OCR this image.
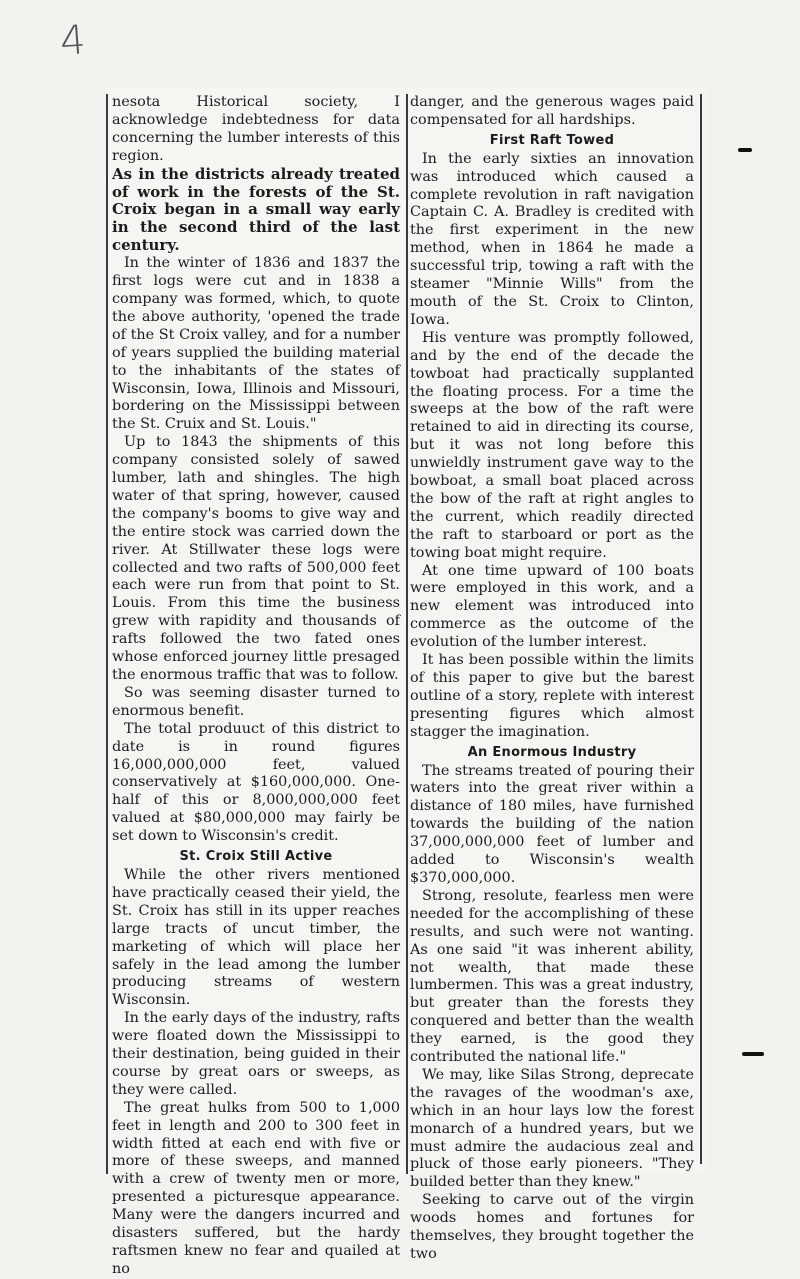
4

nesota Historical society, I acknowledge indebtedness for data concerning the lumber interests of this region.

As in the districts already treated of work in the forests of the St. Croix began in a small way early in the second third of the last century.

In the winter of 1836 and 1837 the first logs were cut and in 1838 a company was formed, which, to quote the above authority, 'opened the trade of the St Croix valley, and for a number of years supplied the building material to the inhabitants of the states of Wisconsin, Iowa, Illinois and Missouri, bordering on the Mississippi between the St. Cruix and St. Louis."

Up to 1843 the shipments of this company consisted solely of sawed lumber, lath and shingles. The high water of that spring, however, caused the company's booms to give way and the entire stock was carried down the river. At Stillwater these logs were collected and two rafts of 500,000 feet each were run from that point to St. Louis. From this time the business grew with rapidity and thousands of rafts followed the two fated ones whose enforced journey little presaged the enormous traffic that was to follow.

So was seeming disaster turned to enormous benefit.

The total produuct of this district to date is in round figures 16,000,000,000 feet, valued conservatively at $160,000,000. One-half of this or 8,000,000,000 feet valued at $80,000,000 may fairly be set down to Wisconsin's credit.

St. Croix Still Active

While the other rivers mentioned have practically ceased their yield, the St. Croix has still in its upper reaches large tracts of uncut timber, the marketing of which will place her safely in the lead among the lumber producing streams of western Wisconsin.

In the early days of the industry, rafts were floated down the Mississippi to their destination, being guided in their course by great oars or sweeps, as they were called.

The great hulks from 500 to 1,000 feet in length and 200 to 300 feet in width fitted at each end with five or more of these sweeps, and manned with a crew of twenty men or more, presented a picturesque appearance. Many were the dangers incurred and disasters suffered, but the hardy raftsmen knew no fear and quailed at no

danger, and the generous wages paid compensated for all hardships.

First Raft Towed

In the early sixties an innovation was introduced which caused a complete revolution in raft navigation Captain C. A. Bradley is credited with the first experiment in the new method, when in 1864 he made a successful trip, towing a raft with the steamer "Minnie Wills" from the mouth of the St. Croix to Clinton, Iowa.

His venture was promptly followed, and by the end of the decade the towboat had practically supplanted the floating process. For a time the sweeps at the bow of the raft were retained to aid in directing its course, but it was not long before this unwieldly instrument gave way to the bowboat, a small boat placed across the bow of the raft at right angles to the current, which readily directed the raft to starboard or port as the towing boat might require.

At one time upward of 100 boats were employed in this work, and a new element was introduced into commerce as the outcome of the evolution of the lumber interest.

It has been possible within the limits of this paper to give but the barest outline of a story, replete with interest presenting figures which almost stagger the imagination.

An Enormous Industry

The streams treated of pouring their waters into the great river within a distance of 180 miles, have furnished towards the building of the nation 37,000,000,000 feet of lumber and added to Wisconsin's wealth $370,000,000.

Strong, resolute, fearless men were needed for the accomplishing of these results, and such were not wanting. As one said "it was inherent ability, not wealth, that made these lumbermen. This was a great industry, but greater than the forests they conquered and better than the wealth they earned, is the good they contributed the national life."

We may, like Silas Strong, deprecate the ravages of the woodman's axe, which in an hour lays low the forest monarch of a hundred years, but we must admire the audacious zeal and pluck of those early pioneers. "They builded better than they knew."

Seeking to carve out of the virgin woods homes and fortunes for themselves, they brought together the two
